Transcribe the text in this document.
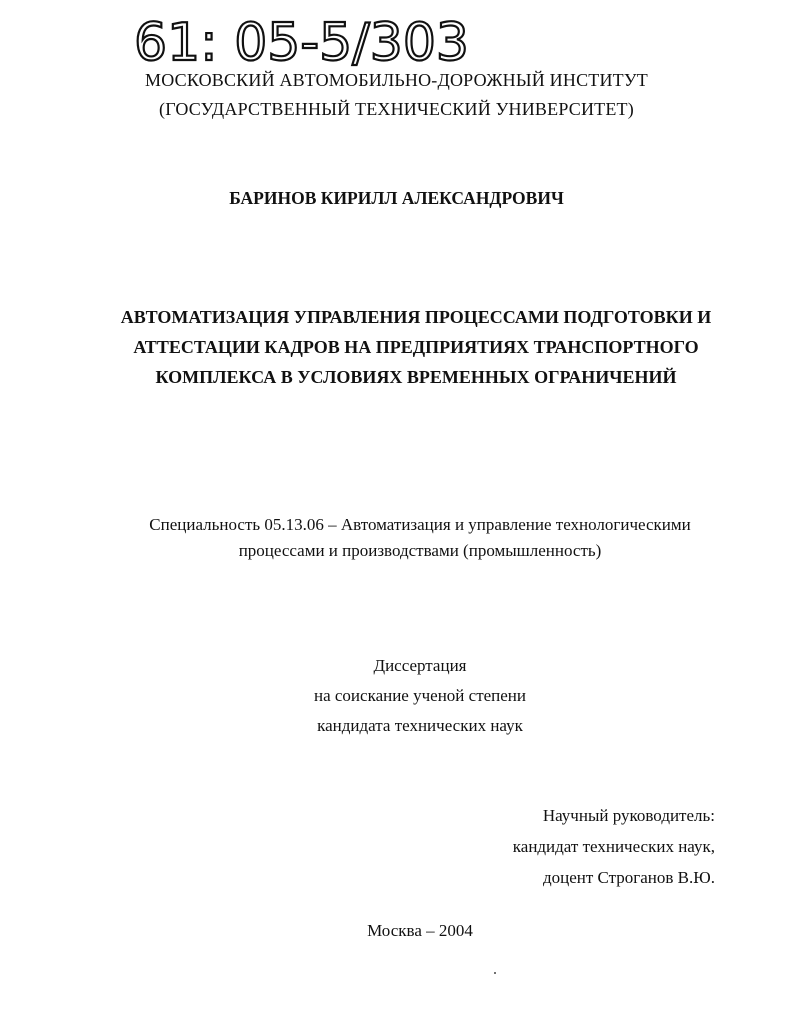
61: 05-5/303
МОСКОВСКИЙ АВТОМОБИЛЬНО-ДОРОЖНЫЙ ИНСТИТУТ
(ГОСУДАРСТВЕННЫЙ ТЕХНИЧЕСКИЙ УНИВЕРСИТЕТ)
БАРИНОВ КИРИЛЛ АЛЕКСАНДРОВИЧ
АВТОМАТИЗАЦИЯ УПРАВЛЕНИЯ ПРОЦЕССАМИ ПОДГОТОВКИ И
АТТЕСТАЦИИ КАДРОВ НА ПРЕДПРИЯТИЯХ ТРАНСПОРТНОГО
КОМПЛЕКСА В УСЛОВИЯХ ВРЕМЕННЫХ ОГРАНИЧЕНИЙ
Специальность 05.13.06 – Автоматизация и управление технологическими
процессами и производствами (промышленность)
Диссертация
на соискание ученой степени
кандидата технических наук
Научный руководитель:
кандидат технических наук,
доцент Строганов В.Ю.
Москва – 2004
